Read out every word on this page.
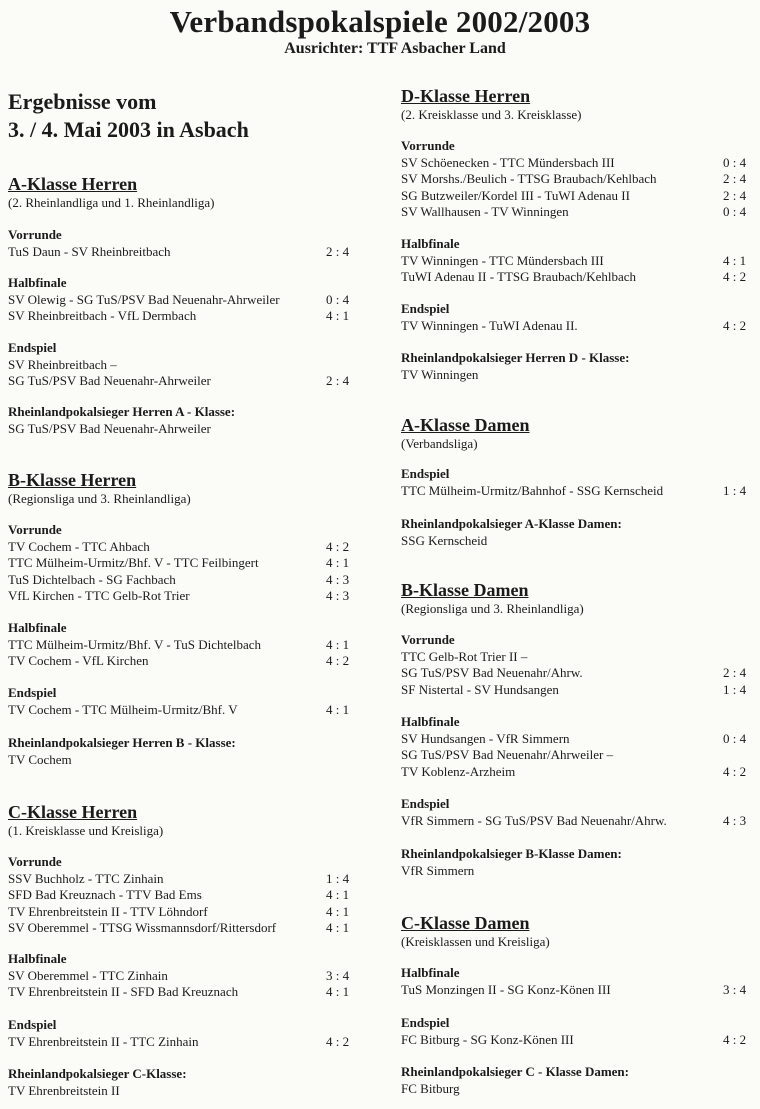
Verbandspokalspiele 2002/2003
Ausrichter: TTF Asbacher Land
Ergebnisse vom
3. / 4. Mai 2003 in Asbach
A-Klasse Herren
(2. Rheinlandliga und 1. Rheinlandliga)
Vorrunde
TuS Daun - SV Rheinbreitbach	2 : 4
Halbfinale
SV Olewig - SG TuS/PSV Bad Neuenahr-Ahrweiler	0 : 4
SV Rheinbreitbach - VfL Dermbach	4 : 1
Endspiel
SV Rheinbreitbach –
SG TuS/PSV Bad Neuenahr-Ahrweiler	2 : 4
Rheinlandpokalsieger Herren A - Klasse:
SG TuS/PSV Bad Neuenahr-Ahrweiler
B-Klasse Herren
(Regionsliga und 3. Rheinlandliga)
Vorrunde
TV Cochem - TTC Ahbach	4 : 2
TTC Mülheim-Urmitz/Bhf. V - TTC Feilbingert	4 : 1
TuS Dichtelbach - SG Fachbach	4 : 3
VfL Kirchen - TTC Gelb-Rot Trier	4 : 3
Halbfinale
TTC Mülheim-Urmitz/Bhf. V - TuS Dichtelbach	4 : 1
TV Cochem - VfL Kirchen	4 : 2
Endspiel
TV Cochem - TTC Mülheim-Urmitz/Bhf. V	4 : 1
Rheinlandpokalsieger Herren B - Klasse:
TV Cochem
C-Klasse Herren
(1. Kreisklasse und Kreisliga)
Vorrunde
SSV Buchholz - TTC Zinhain	1 : 4
SFD Bad Kreuznach - TTV Bad Ems	4 : 1
TV Ehrenbreitstein II - TTV Löhndorf	4 : 1
SV Oberemmel - TTSG Wissmannsdorf/Rittersdorf	4 : 1
Halbfinale
SV Oberemmel - TTC Zinhain	3 : 4
TV Ehrenbreitstein II - SFD Bad Kreuznach	4 : 1
Endspiel
TV Ehrenbreitstein II - TTC Zinhain	4 : 2
Rheinlandpokalsieger C-Klasse:
TV Ehrenbreitstein II
D-Klasse Herren
(2. Kreisklasse und 3. Kreisklasse)
Vorrunde
SV Schöenecken - TTC Mündersbach III	0 : 4
SV Morshs./Beulich - TTSG Braubach/Kehlbach	2 : 4
SG Butzweiler/Kordel III - TuWI Adenau II	2 : 4
SV Wallhausen - TV Winningen	0 : 4
Halbfinale
TV Winningen - TTC Mündersbach III	4 : 1
TuWI Adenau II - TTSG Braubach/Kehlbach	4 : 2
Endspiel
TV Winningen - TuWI Adenau II.	4 : 2
Rheinlandpokalsieger Herren D - Klasse:
TV Winningen
A-Klasse Damen
(Verbandsliga)
Endspiel
TTC Mülheim-Urmitz/Bahnhof - SSG Kernscheid	1 : 4
Rheinlandpokalsieger A-Klasse Damen:
SSG Kernscheid
B-Klasse Damen
(Regionsliga und 3. Rheinlandliga)
Vorrunde
TTC Gelb-Rot Trier II –
SG TuS/PSV Bad Neuenahr/Ahrw.	2 : 4
SF Nistertal - SV Hundsangen	1 : 4
Halbfinale
SV Hundsangen - VfR Simmern	0 : 4
SG TuS/PSV Bad Neuenahr/Ahrweiler –
TV Koblenz-Arzheim	4 : 2
Endspiel
VfR Simmern - SG TuS/PSV Bad Neuenahr/Ahrw.	4 : 3
Rheinlandpokalsieger B-Klasse Damen:
VfR Simmern
C-Klasse Damen
(Kreisklassen und Kreisliga)
Halbfinale
TuS Monzingen II - SG Konz-Könen III	3 : 4
Endspiel
FC Bitburg - SG Konz-Könen III	4 : 2
Rheinlandpokalsieger C - Klasse Damen:
FC Bitburg
